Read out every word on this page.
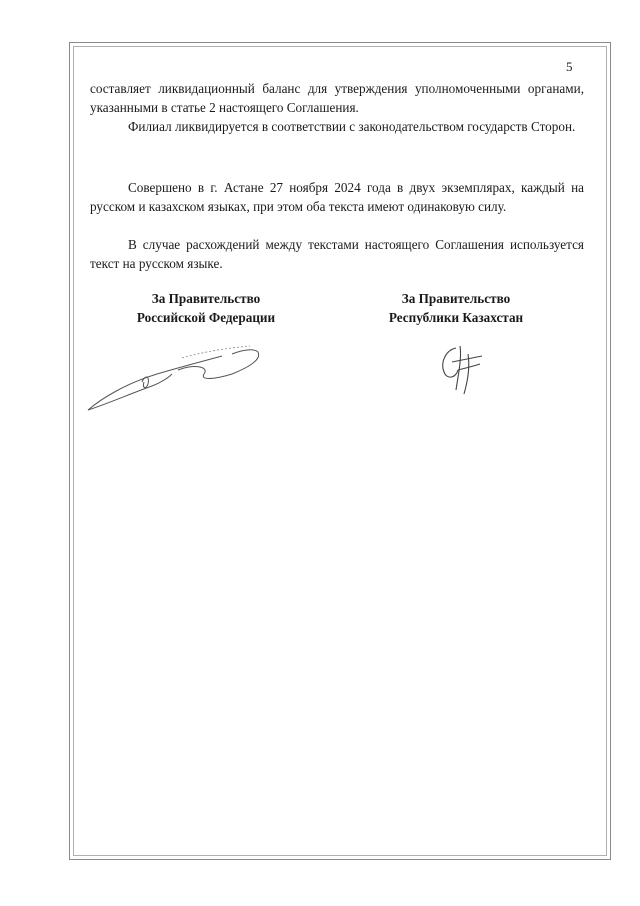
5

составляет ликвидационный баланс для утверждения уполномоченными органами, указанными в статье 2 настоящего Соглашения.

Филиал ликвидируется в соответствии с законодательством государств Сторон.

Совершено в г. Астане 27 ноября 2024 года в двух экземплярах, каждый на русском и казахском языках, при этом оба текста имеют одинаковую силу.

В случае расхождений между текстами настоящего Соглашения используется текст на русском языке.

За Правительство
Российской Федерации
За Правительство
Республики Казахстан
